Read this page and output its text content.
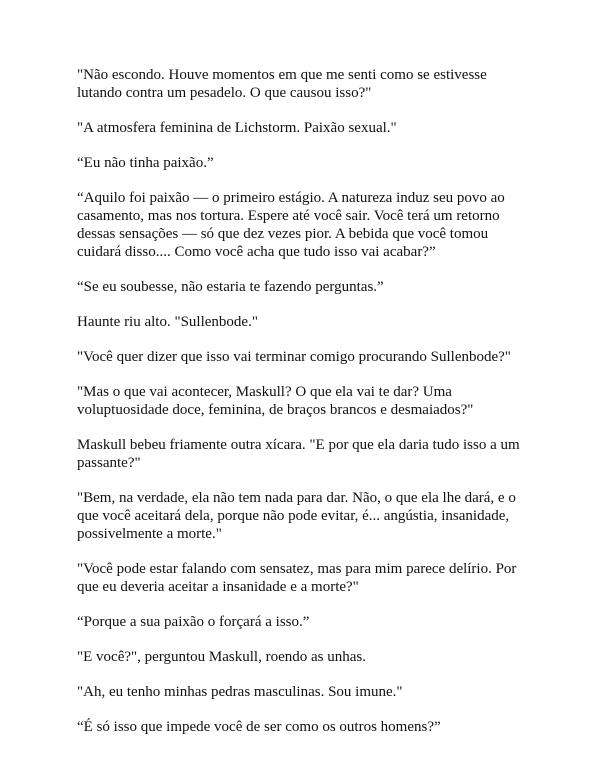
"Não escondo. Houve momentos em que me senti como se estivesse lutando contra um pesadelo. O que causou isso?"

"A atmosfera feminina de Lichstorm. Paixão sexual."

“Eu não tinha paixão.”

“Aquilo foi paixão — o primeiro estágio. A natureza induz seu povo ao casamento, mas nos tortura. Espere até você sair. Você terá um retorno dessas sensações — só que dez vezes pior. A bebida que você tomou cuidará disso.... Como você acha que tudo isso vai acabar?”

“Se eu soubesse, não estaria te fazendo perguntas.”

Haunte riu alto. "Sullenbode."

"Você quer dizer que isso vai terminar comigo procurando Sullenbode?"

"Mas o que vai acontecer, Maskull? O que ela vai te dar? Uma voluptuosidade doce, feminina, de braços brancos e desmaiados?"

Maskull bebeu friamente outra xícara. "E por que ela daria tudo isso a um passante?"

"Bem, na verdade, ela não tem nada para dar. Não, o que ela lhe dará, e o que você aceitará dela, porque não pode evitar, é... angústia, insanidade, possivelmente a morte."

"Você pode estar falando com sensatez, mas para mim parece delírio. Por que eu deveria aceitar a insanidade e a morte?"

“Porque a sua paixão o forçará a isso.”

"E você?", perguntou Maskull, roendo as unhas.

"Ah, eu tenho minhas pedras masculinas. Sou imune."

“É só isso que impede você de ser como os outros homens?”
